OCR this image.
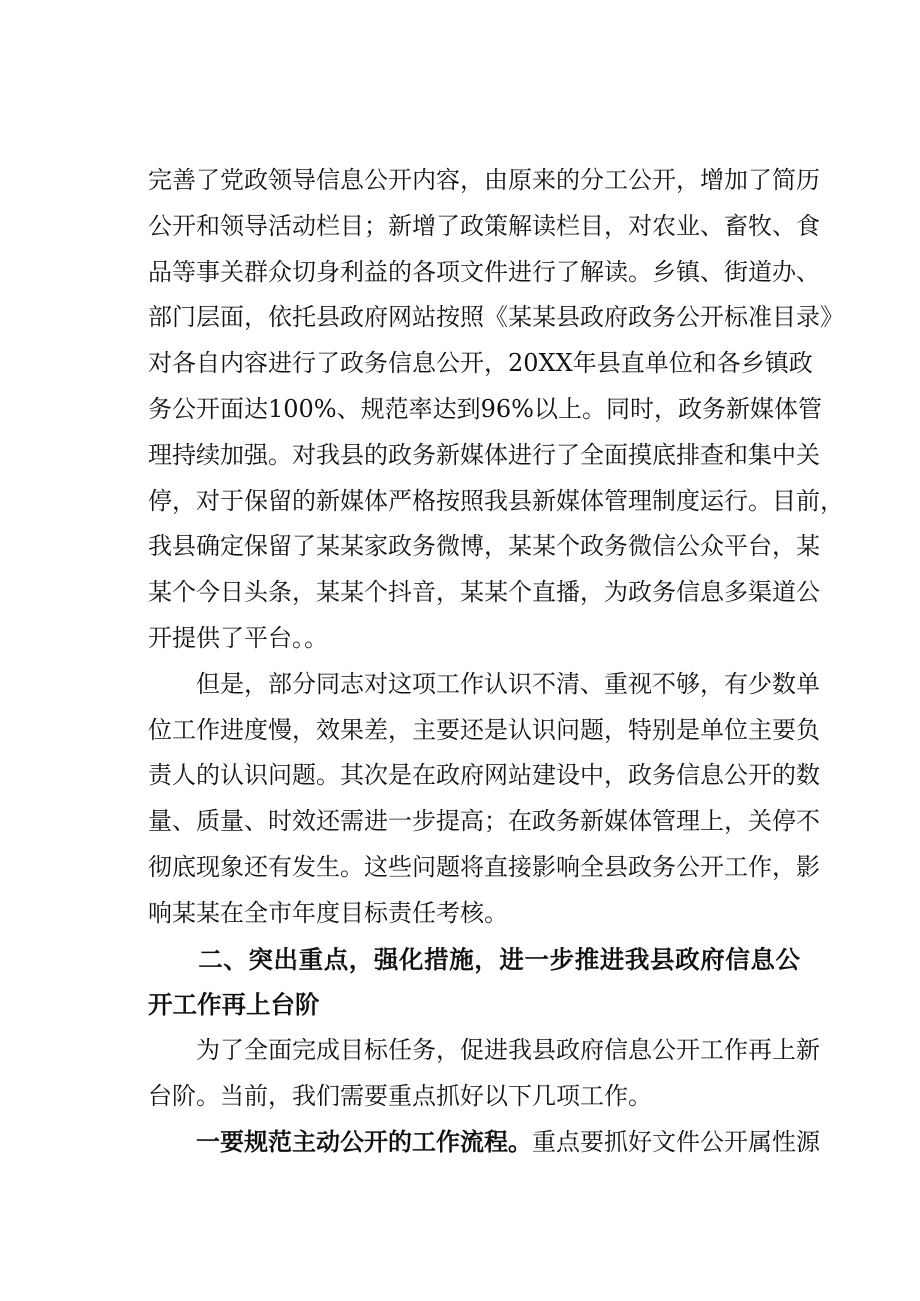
完善了党政领导信息公开内容，由原来的分工公开，增加了简历
公开和领导活动栏目；新增了政策解读栏目，对农业、畜牧、食
品等事关群众切身利益的各项文件进行了解读。乡镇、街道办、
部门层面，依托县政府网站按照《某某县政府政务公开标准目录》
对各自内容进行了政务信息公开，20XX年县直单位和各乡镇政
务公开面达100%、规范率达到96%以上。同时，政务新媒体管
理持续加强。对我县的政务新媒体进行了全面摸底排查和集中关
停，对于保留的新媒体严格按照我县新媒体管理制度运行。目前，
我县确定保留了某某家政务微博，某某个政务微信公众平台，某
某个今日头条，某某个抖音，某某个直播，为政务信息多渠道公
开提供了平台。。
　　但是，部分同志对这项工作认识不清、重视不够，有少数单
位工作进度慢，效果差，主要还是认识问题，特别是单位主要负
责人的认识问题。其次是在政府网站建设中，政务信息公开的数
量、质量、时效还需进一步提高；在政务新媒体管理上，关停不
彻底现象还有发生。这些问题将直接影响全县政务公开工作，影
响某某在全市年度目标责任考核。
　　二、突出重点，强化措施，进一步推进我县政府信息公
开工作再上台阶
　　为了全面完成目标任务，促进我县政府信息公开工作再上新
台阶。当前，我们需要重点抓好以下几项工作。
　　一要规范主动公开的工作流程。重点要抓好文件公开属性源
